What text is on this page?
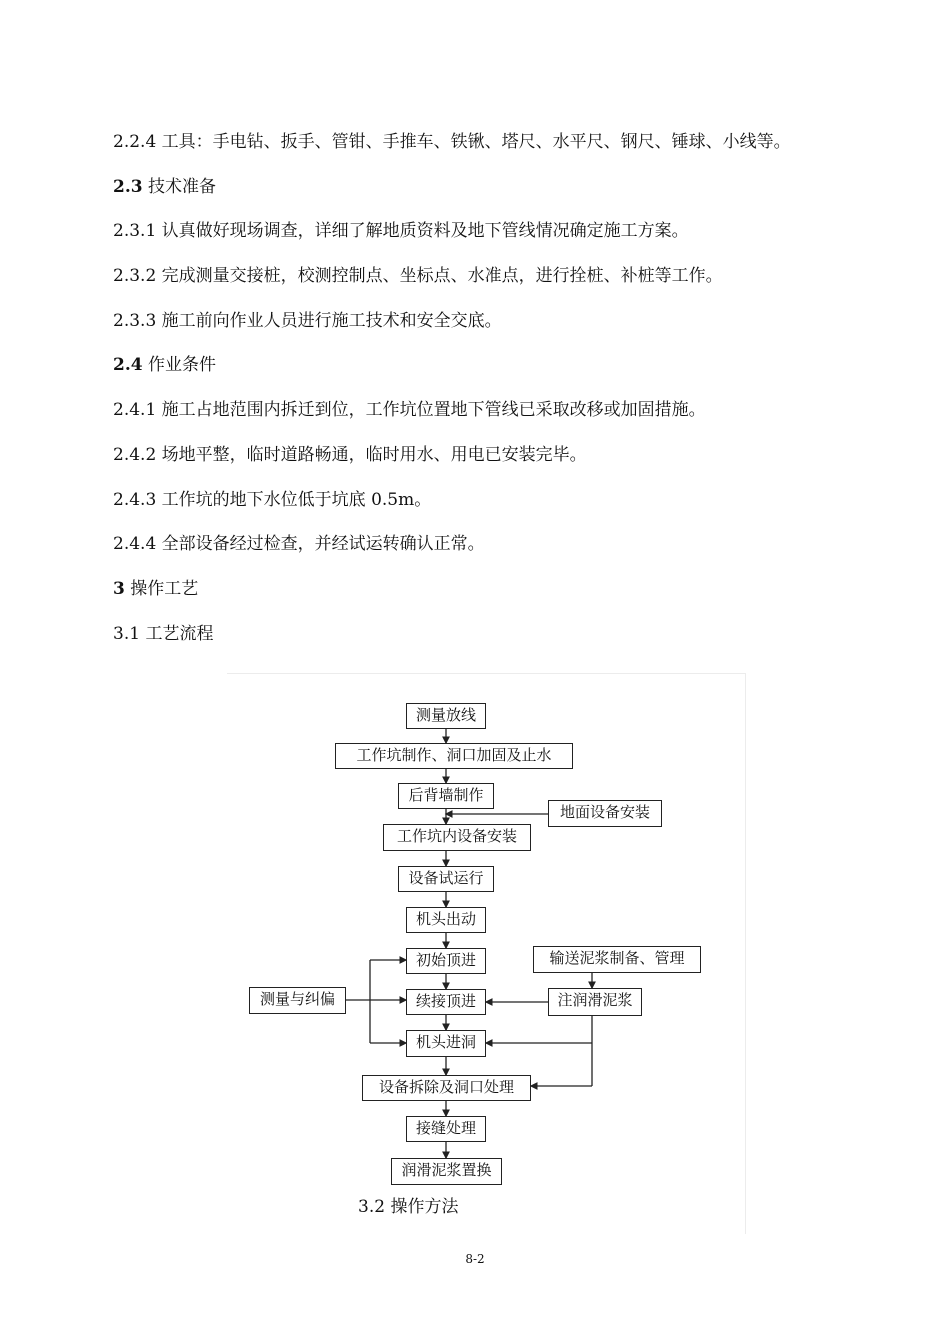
2.2.4 工具：手电钻、扳手、管钳、手推车、铁锹、塔尺、水平尺、钢尺、锤球、小线等。
2.3 技术准备
2.3.1 认真做好现场调查，详细了解地质资料及地下管线情况确定施工方案。
2.3.2 完成测量交接桩，校测控制点、坐标点、水准点，进行拴桩、补桩等工作。
2.3.3 施工前向作业人员进行施工技术和安全交底。
2.4 作业条件
2.4.1 施工占地范围内拆迁到位，工作坑位置地下管线已采取改移或加固措施。
2.4.2 场地平整，临时道路畅通，临时用水、用电已安装完毕。
2.4.3 工作坑的地下水位低于坑底 0.5m。
2.4.4 全部设备经过检查，并经试运转确认正常。
3 操作工艺
3.1 工艺流程
测量放线
工作坑制作、洞口加固及止水
后背墙制作
工作坑内设备安装
设备试运行
机头出动
初始顶进
续接顶进
机头进洞
设备拆除及洞口处理
接缝处理
润滑泥浆置换
地面设备安装
输送泥浆制备、管理
注润滑泥浆
测量与纠偏
3.2 操作方法
8-2
